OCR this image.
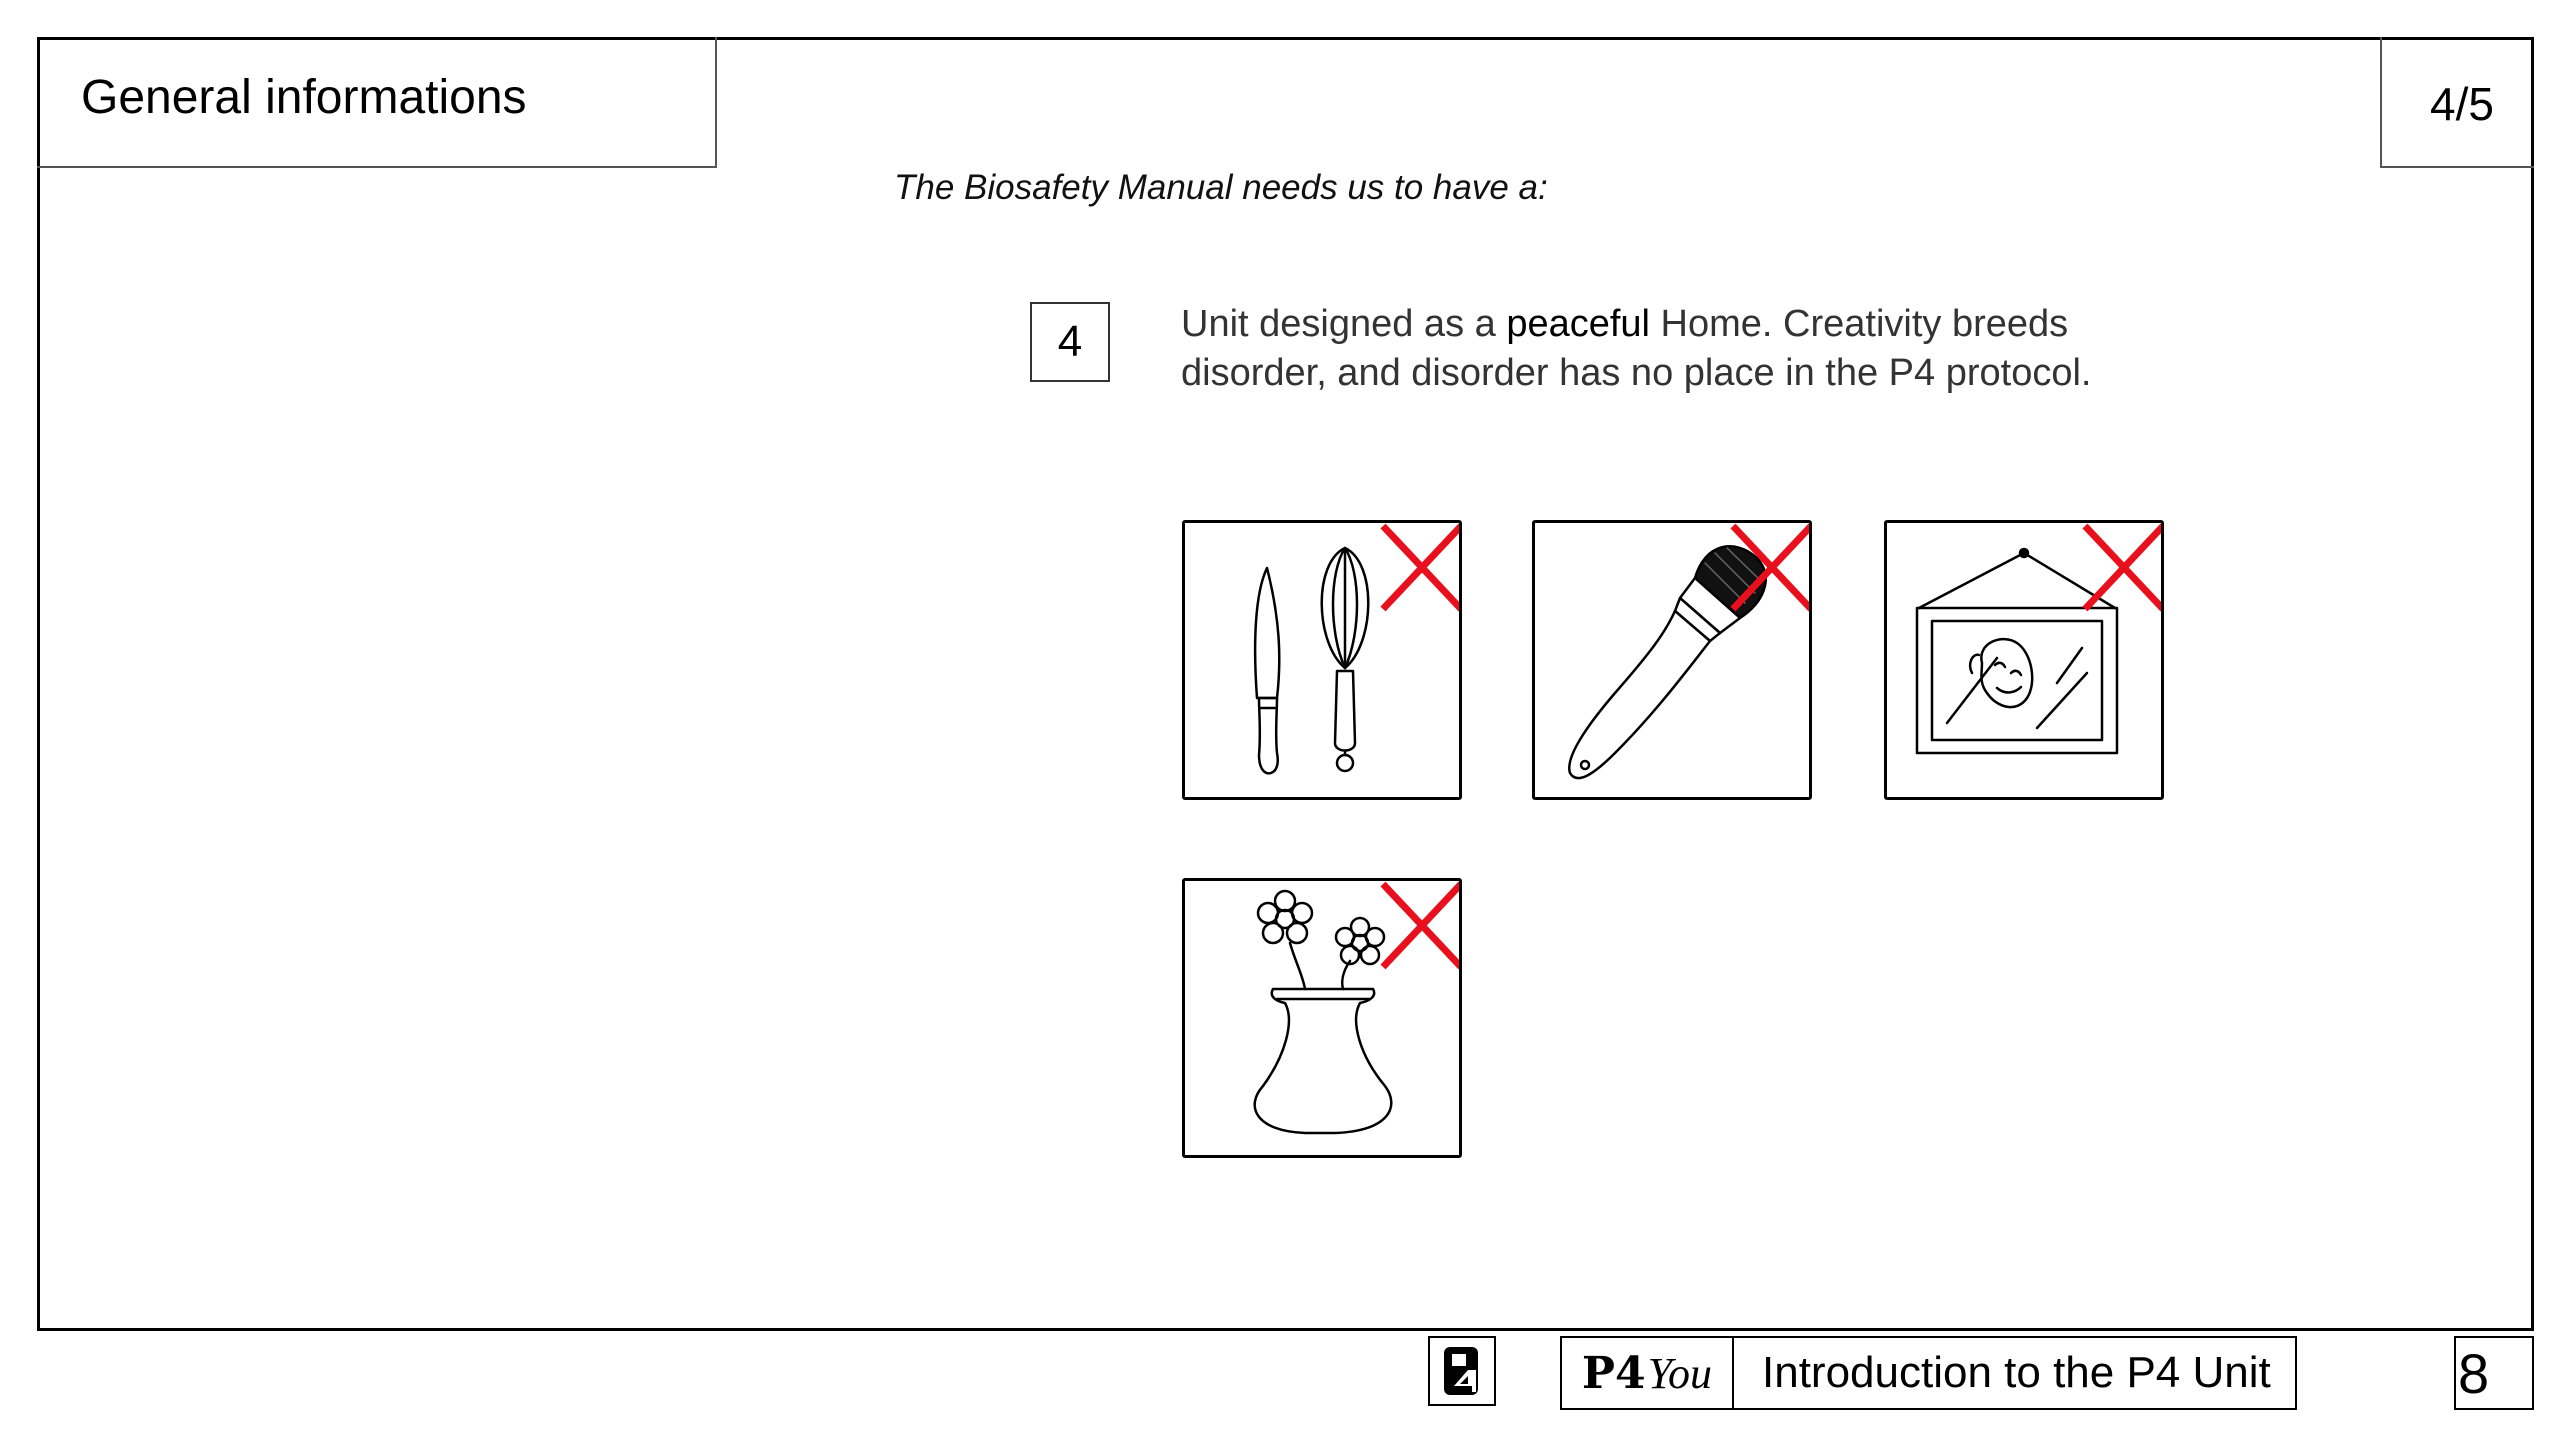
General informations	4/5
The Biosafety Manual needs us to have a:
4	Unit designed as a peaceful Home. Creativity breeds disorder, and disorder has no place in the P4 protocol.
P4 You	Introduction to the P4 Unit	8
